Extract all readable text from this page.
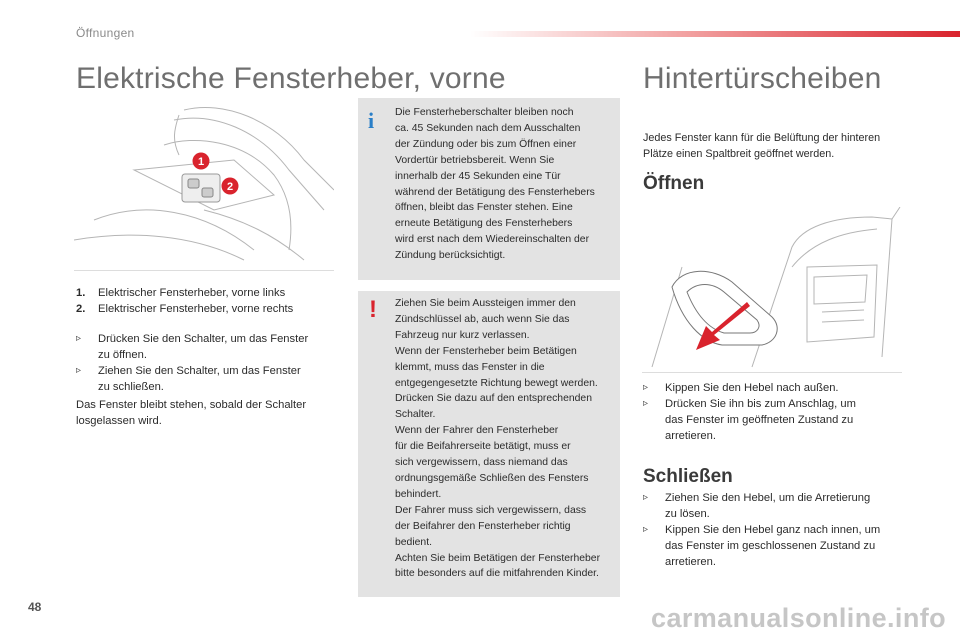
Öffnungen
Elektrische Fensterheber, vorne
1
2
1. Elektrischer Fensterheber, vorne links
2. Elektrischer Fensterheber, vorne rechts
▹	Drücken Sie den Schalter, um das Fenster
zu öffnen.
▹	Ziehen Sie den Schalter, um das Fenster
zu schließen.
Das Fenster bleibt stehen, sobald der Schalter
losgelassen wird.
i Die Fensterheberschalter bleiben noch
ca. 45 Sekunden nach dem Ausschalten
der Zündung oder bis zum Öffnen einer
Vordertür betriebsbereit. Wenn Sie
innerhalb der 45 Sekunden eine Tür
während der Betätigung des Fensterhebers
öffnen, bleibt das Fenster stehen. Eine
erneute Betätigung des Fensterhebers
wird erst nach dem Wiedereinschalten der
Zündung berücksichtigt.
! Ziehen Sie beim Aussteigen immer den
Zündschlüssel ab, auch wenn Sie das
Fahrzeug nur kurz verlassen.
Wenn der Fensterheber beim Betätigen
klemmt, muss das Fenster in die
entgegengesetzte Richtung bewegt werden.
Drücken Sie dazu auf den entsprechenden
Schalter.
Wenn der Fahrer den Fensterheber
für die Beifahrerseite betätigt, muss er
sich vergewissern, dass niemand das
ordnungsgemäße Schließen des Fensters
behindert.
Der Fahrer muss sich vergewissern, dass
der Beifahrer den Fensterheber richtig
bedient.
Achten Sie beim Betätigen der Fensterheber
bitte besonders auf die mitfahrenden Kinder.
Hintertürscheiben
Jedes Fenster kann für die Belüftung der hinteren
Plätze einen Spaltbreit geöffnet werden.
Öffnen
▹	Kippen Sie den Hebel nach außen.
▹	Drücken Sie ihn bis zum Anschlag, um
das Fenster im geöffneten Zustand zu
arretieren.
Schließen
▹	Ziehen Sie den Hebel, um die Arretierung
zu lösen.
▹	Kippen Sie den Hebel ganz nach innen, um
das Fenster im geschlossenen Zustand zu
arretieren.
48	carmanualsonline.info
